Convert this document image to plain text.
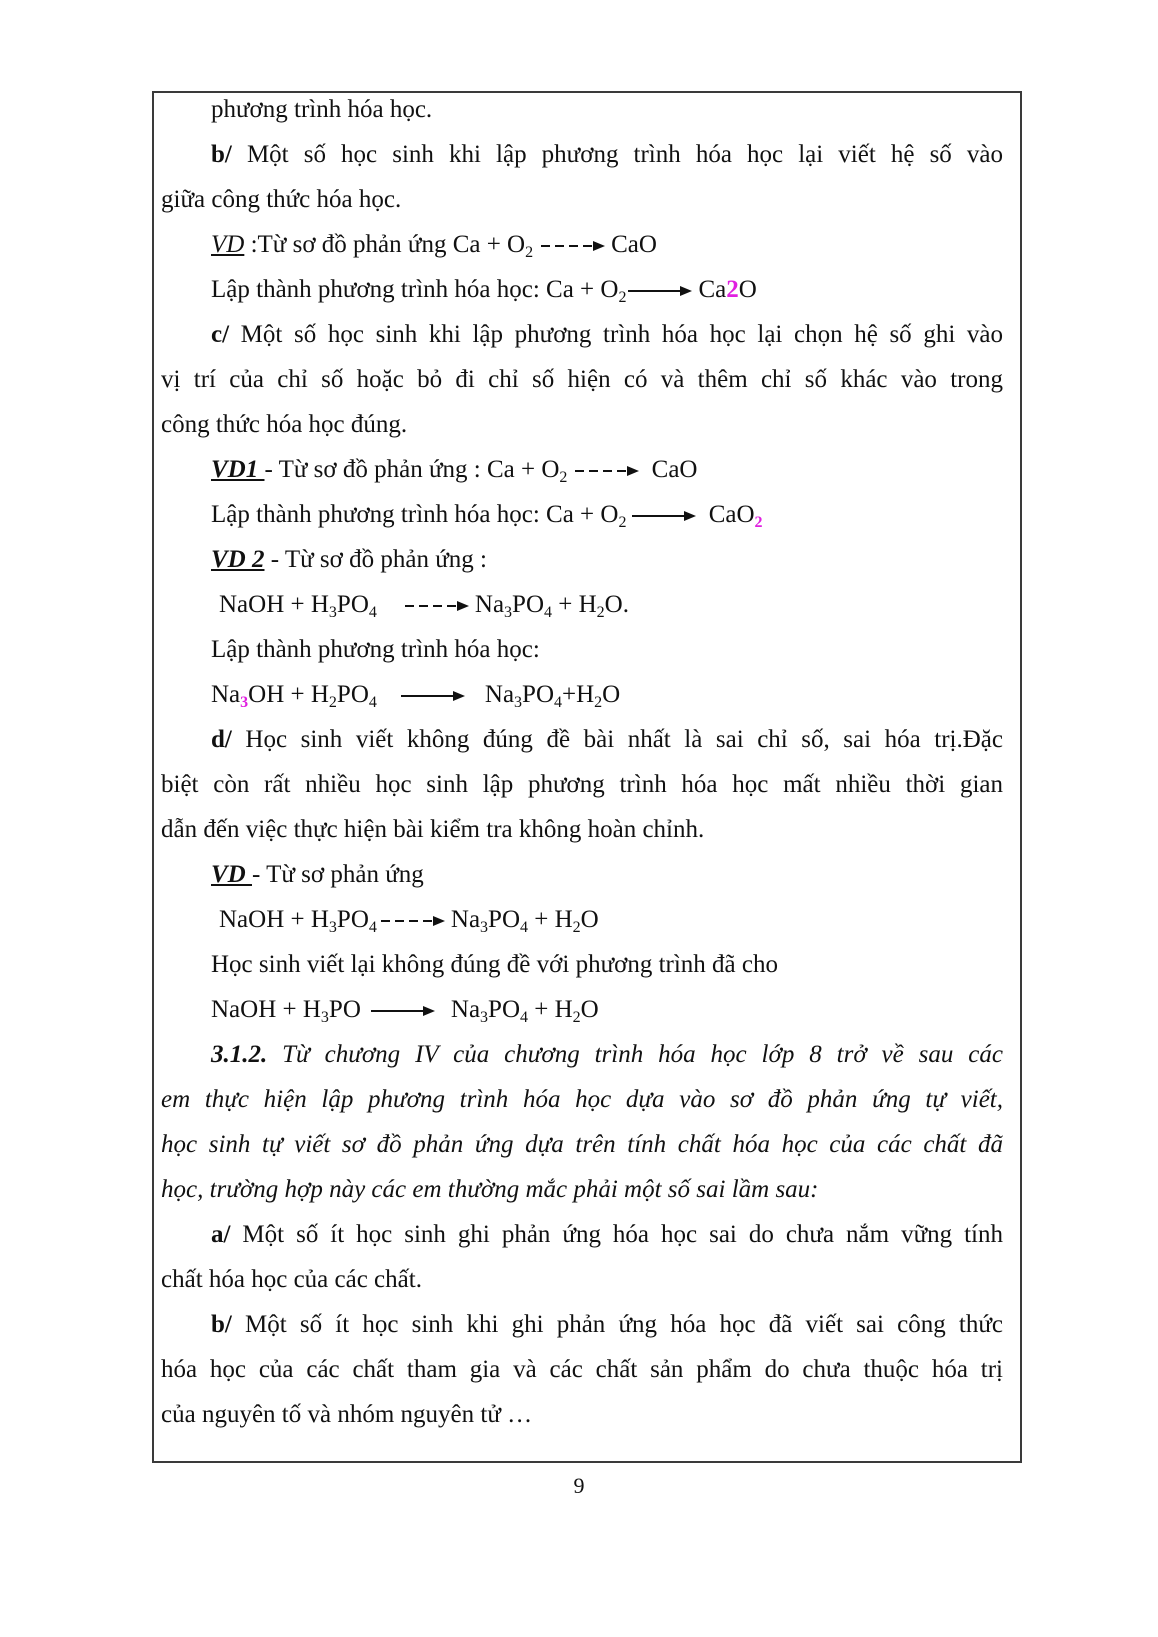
phương trình hóa học.
b/ Một số học sinh khi lập phương trình hóa học lại viết hệ số vào
giữa công thức hóa học.
VD :Từ sơ đồ phản ứng $Ca + O_2$	CaO
Lập thành phương trình hóa học: $Ca + O_2$	Ca2O
c/ Một số học sinh khi lập phương trình hóa học lại chọn hệ số ghi vào
vị trí của chỉ số hoặc bỏ đi chỉ số hiện có và thêm chỉ số khác vào trong
công thức hóa học đúng.
VD1 - Từ sơ đồ phản ứng : $Ca + O_2$	CaO
Lập thành phương trình hóa học: $Ca + O_2$	CaO$_2$
VD 2 - Từ sơ đồ phản ứng :
NaOH + $H_3PO_4$	$Na_3PO_4 + H_2O$.
Lập thành phương trình hóa học:
$Na_3OH + H_2PO_4$	$Na_3PO_4+H_2O$
d/ Học sinh viết không đúng đề bài nhất là sai chỉ số, sai hóa trị.Đặc
biệt còn rất nhiều học sinh lập phương trình hóa học mất nhiều thời gian
dẫn đến việc thực hiện bài kiểm tra không hoàn chỉnh.
VD - Từ sơ phản ứng
NaOH + $H_3PO_4$	$Na_3PO_4 + H_2O$
Học sinh viết lại không đúng đề với phương trình đã cho
NaOH + $H_3PO$	$Na_3PO_4 + H_2O$
3.1.2. Từ chương IV của chương trình hóa học lớp 8 trở về sau các
em thực hiện lập phương trình hóa học dựa vào sơ đồ phản ứng tự viết,
học sinh tự viết sơ đồ phản ứng dựa trên tính chất hóa học của các chất đã
học, trường hợp này các em thường mắc phải một số sai lầm sau:
a/ Một số ít học sinh ghi phản ứng hóa học sai do chưa nắm vững tính
chất hóa học của các chất.
b/ Một số ít học sinh khi ghi phản ứng hóa học đã viết sai công thức
hóa học của các chất tham gia và các chất sản phẩm do chưa thuộc hóa trị
của nguyên tố và nhóm nguyên tử …
9
